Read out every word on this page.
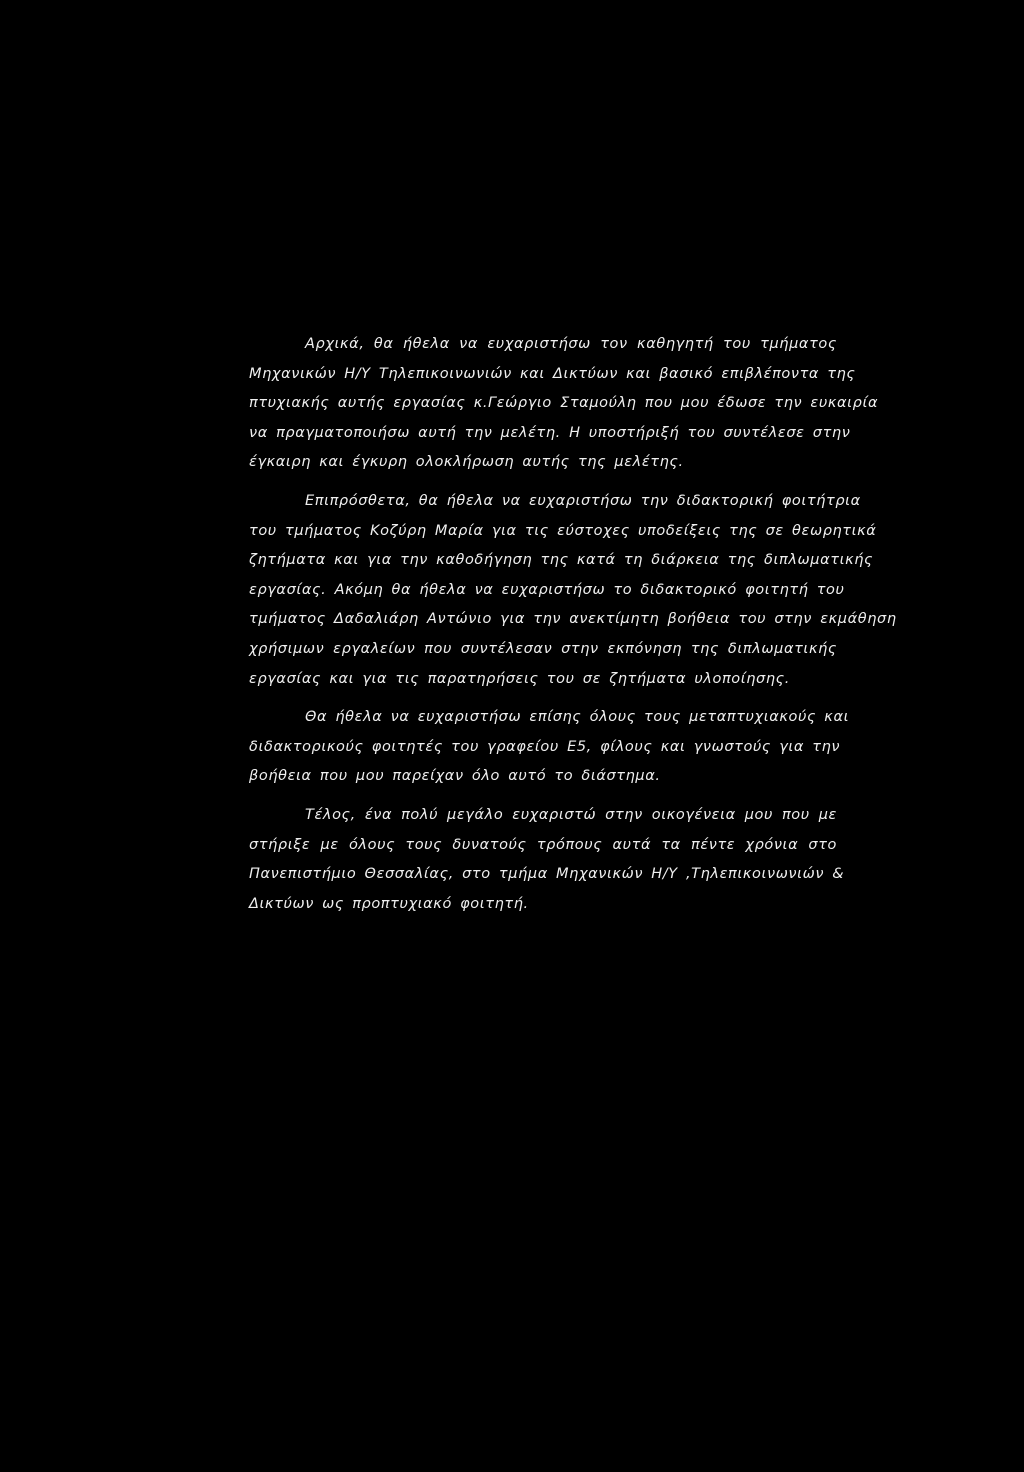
Αρχικά, θα ήθελα να ευχαριστήσω τον καθηγητή του τμήματος
Μηχανικών Η/Υ Τηλεπικοινωνιών και Δικτύων και βασικό επιβλέποντα της
πτυχιακής αυτής εργασίας κ.Γεώργιο Σταμούλη που μου έδωσε την ευκαιρία
να πραγματοποιήσω αυτή την μελέτη. Η υποστήριξή του συντέλεσε στην
έγκαιρη και έγκυρη ολοκλήρωση αυτής της μελέτης.
Επιπρόσθετα, θα ήθελα να ευχαριστήσω την διδακτορική φοιτήτρια
του τμήματος Κοζύρη Μαρία για τις εύστοχες υποδείξεις της σε θεωρητικά
ζητήματα και για την καθοδήγηση της κατά τη διάρκεια της διπλωματικής
εργασίας. Ακόμη θα ήθελα να ευχαριστήσω το διδακτορικό φοιτητή του
τμήματος Δαδαλιάρη Αντώνιο για την ανεκτίμητη βοήθεια του στην εκμάθηση
χρήσιμων εργαλείων που συντέλεσαν στην εκπόνηση της διπλωματικής
εργασίας και για τις παρατηρήσεις του σε ζητήματα υλοποίησης.
Θα ήθελα να ευχαριστήσω επίσης όλους τους μεταπτυχιακούς και
διδακτορικούς φοιτητές του γραφείου Ε5, φίλους και γνωστούς για την
βοήθεια που μου παρείχαν όλο αυτό το διάστημα.
Τέλος, ένα πολύ μεγάλο ευχαριστώ στην οικογένεια μου που με
στήριξε με όλους τους δυνατούς τρόπους αυτά τα πέντε χρόνια στο
Πανεπιστήμιο Θεσσαλίας, στο τμήμα Μηχανικών Η/Υ ,Τηλεπικοινωνιών &
Δικτύων ως προπτυχιακό φοιτητή.
